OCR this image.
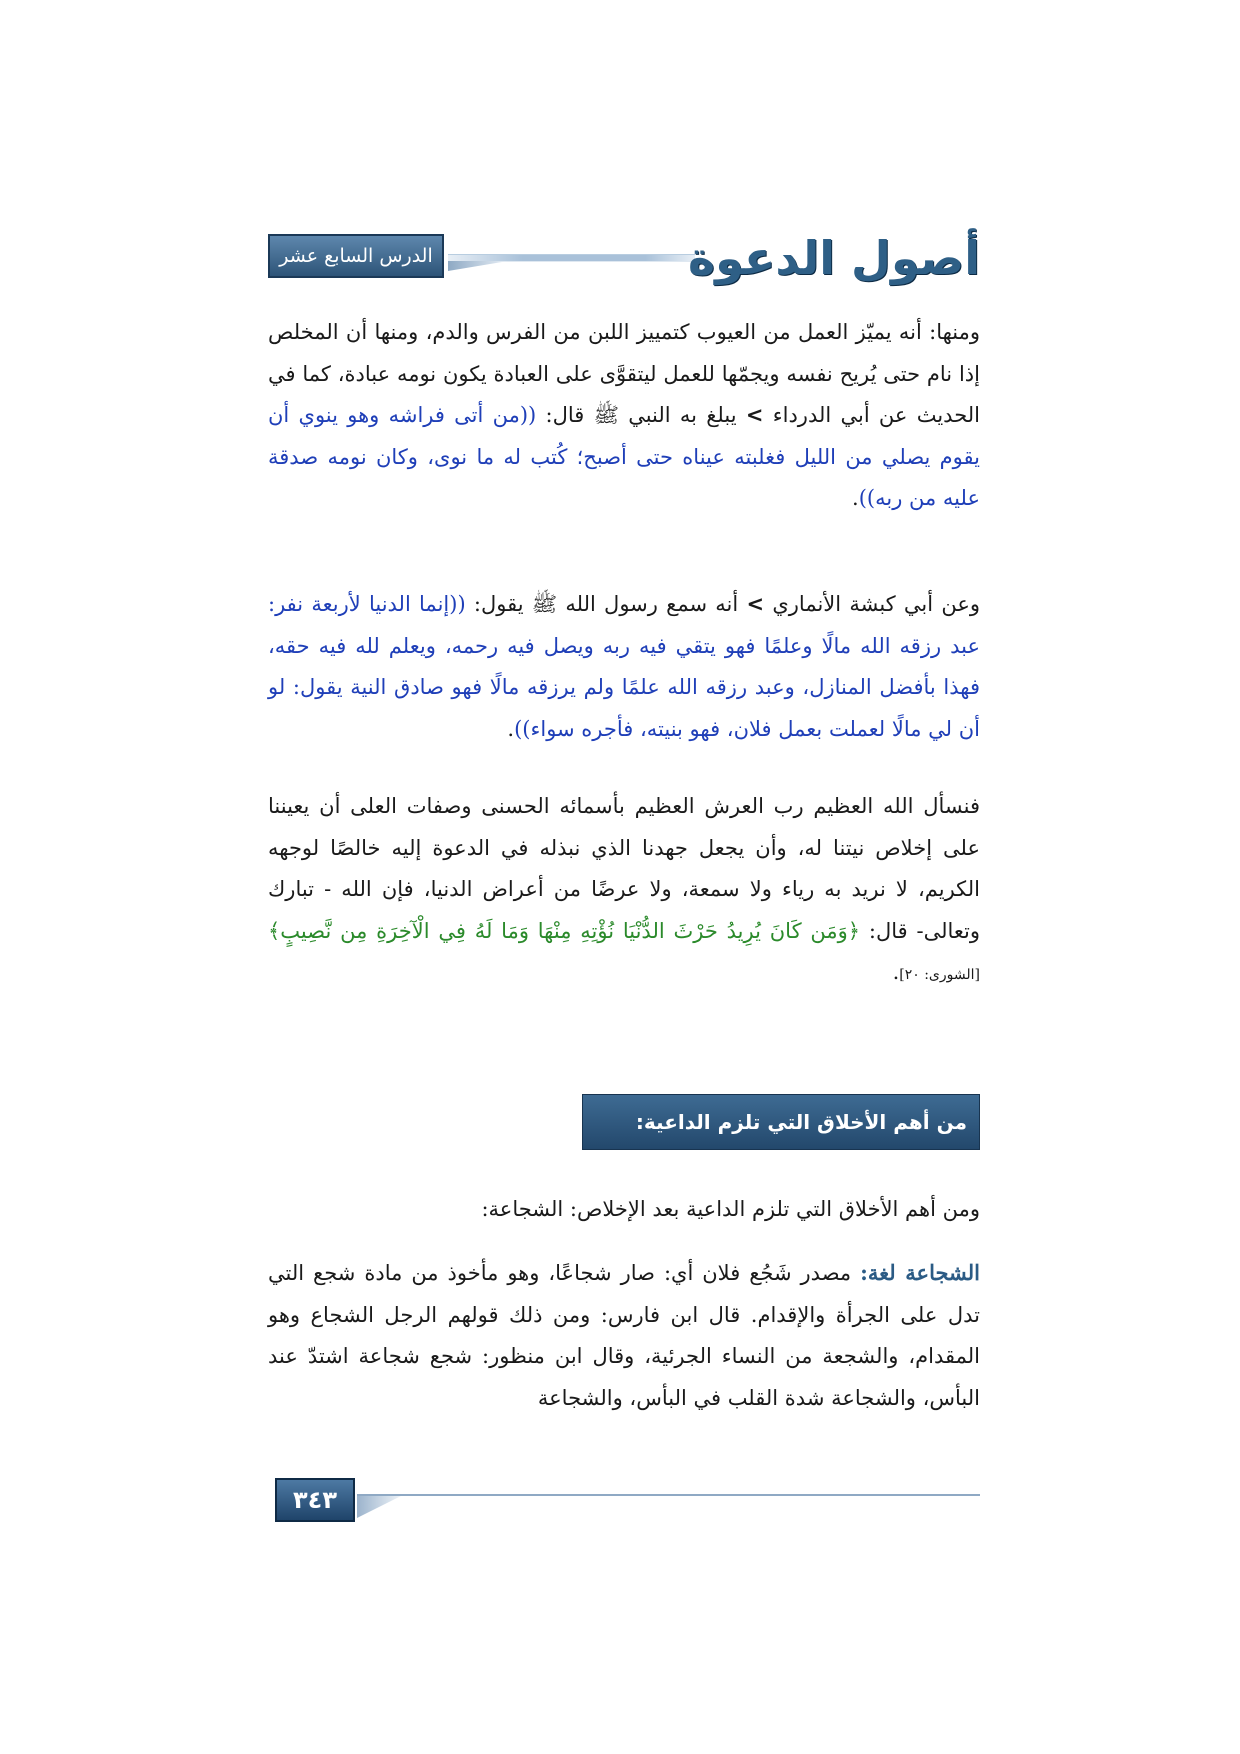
الدرس السابع عشر	أصول الدعوة

ومنها: أنه يميّز العمل من العيوب كتمييز اللبن من الفرس والدم، ومنها أن المخلص إذا نام حتى يُريح نفسه ويجمّها للعمل ليتقوَّى على العبادة يكون نومه عبادة، كما في الحديث عن أبي الدرداء > يبلغ به النبي ﷺ قال: ((من أتى فراشه وهو ينوي أن يقوم يصلي من الليل فغلبته عيناه حتى أصبح؛ كُتب له ما نوى، وكان نومه صدقة عليه من ربه)).

وعن أبي كبشة الأنماري > أنه سمع رسول الله ﷺ يقول: ((إنما الدنيا لأربعة نفر: عبد رزقه الله مالًا وعلمًا فهو يتقي فيه ربه ويصل فيه رحمه، ويعلم لله فيه حقه، فهذا بأفضل المنازل، وعبد رزقه الله علمًا ولم يرزقه مالًا فهو صادق النية يقول: لو أن لي مالًا لعملت بعمل فلان، فهو بنيته، فأجره سواء)).

فنسأل الله العظيم رب العرش العظيم بأسمائه الحسنى وصفات العلى أن يعيننا على إخلاص نيتنا له، وأن يجعل جهدنا الذي نبذله في الدعوة إليه خالصًا لوجهه الكريم، لا نريد به رياء ولا سمعة، ولا عرضًا من أعراض الدنيا، فإن الله - تبارك وتعالى- قال: ﴿وَمَن كَانَ يُرِيدُ حَرْثَ الدُّنْيَا نُؤْتِهِ مِنْهَا وَمَا لَهُ فِي الْآخِرَةِ مِن نَّصِيبٍ﴾ [الشورى: ٢٠].

من أهم الأخلاق التي تلزم الداعية: الشجاعة

ومن أهم الأخلاق التي تلزم الداعية بعد الإخلاص: الشجاعة:

الشجاعة لغة: مصدر شَجُع فلان أي: صار شجاعًا، وهو مأخوذ من مادة شجع التي تدل على الجرأة والإقدام. قال ابن فارس: ومن ذلك قولهم الرجل الشجاع وهو المقدام، والشجعة من النساء الجرئية، وقال ابن منظور: شجع شجاعة اشتدّ عند البأس، والشجاعة شدة القلب في البأس، والشجاعة

٣٤٣
